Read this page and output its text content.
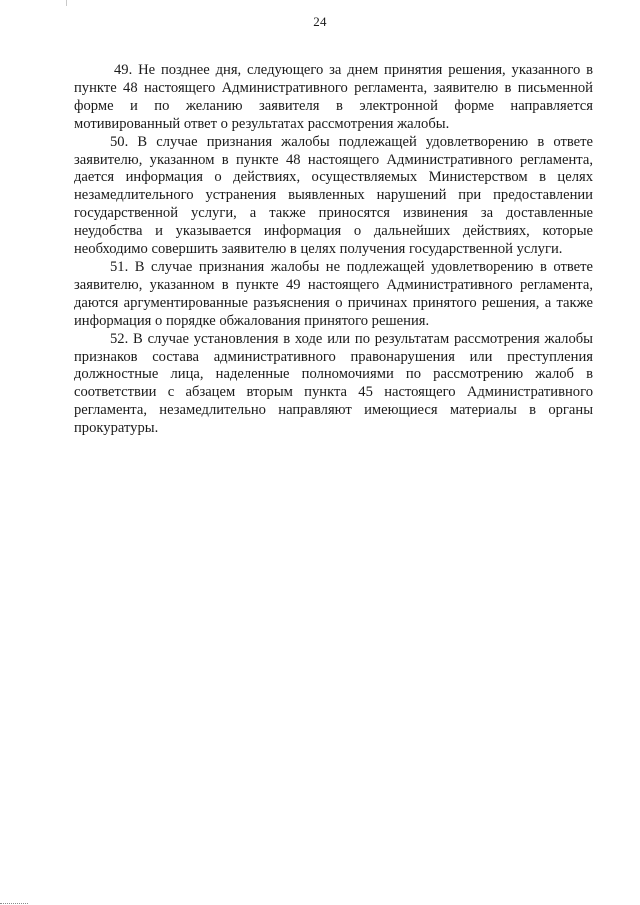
24

49. Не позднее дня, следующего за днем принятия решения, указанного в пункте 48 настоящего Административного регламента, заявителю в письменной форме и по желанию заявителя в электронной форме направляется мотивированный ответ о результатах рассмотрения жалобы.

50. В случае признания жалобы подлежащей удовлетворению в ответе заявителю, указанном в пункте 48 настоящего Административного регламента, дается информация о действиях, осуществляемых Министерством в целях незамедлительного устранения выявленных нарушений при предоставлении государственной услуги, а также приносятся извинения за доставленные неудобства и указывается информация о дальнейших действиях, которые необходимо совершить заявителю в целях получения государственной услуги.

51. В случае признания жалобы не подлежащей удовлетворению в ответе заявителю, указанном в пункте 49 настоящего Административного регламента, даются аргументированные разъяснения о причинах принятого решения, а также информация о порядке обжалования принятого решения.

52. В случае установления в ходе или по результатам рассмотрения жалобы признаков состава административного правонарушения или преступления должностные лица, наделенные полномочиями по рассмотрению жалоб в соответствии с абзацем вторым пункта 45 настоящего Административного регламента, незамедлительно направляют имеющиеся материалы в органы прокуратуры.
